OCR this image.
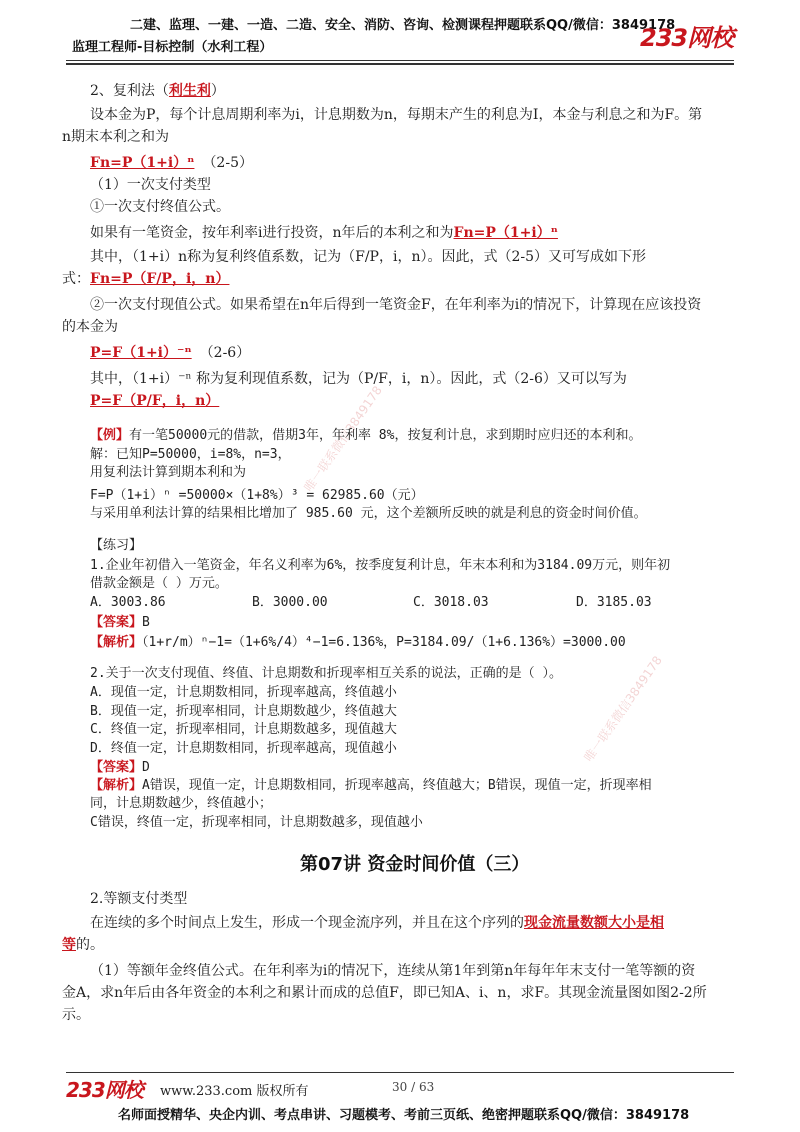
二建、监理、一建、一造、二造、安全、消防、咨询、检测课程押题联系QQ/微信：3849178
监理工程师-目标控制（水利工程）	233网校
唯一联系微信3849178
唯一联系微信3849178
2、复利法（利生利）
设本金为P，每个计息周期利率为i，计息期数为n，每期末产生的利息为I，本金与利息之和为F。第
n期末本利之和为
Fn=P（1+i）ⁿ （2-5）
（1）一次支付类型
①一次支付终值公式。
如果有一笔资金，按年利率i进行投资，n年后的本利之和为Fn=P（1+i）ⁿ
其中，（1+i）n称为复利终值系数，记为（F/P，i，n）。因此，式（2-5）又可写成如下形
式：Fn=P（F/P，i，n）
②一次支付现值公式。如果希望在n年后得到一笔资金F，在年利率为i的情况下，计算现在应该投资
的本金为
P=F（1+i）⁻ⁿ （2-6）
其中，（1+i）⁻ⁿ 称为复利现值系数，记为（P/F，i，n）。因此，式（2-6）又可以写为
P=F（P/F，i，n）
【例】有一笔50000元的借款，借期3年，年利率 8%，按复利计息，求到期时应归还的本利和。
解：已知P=50000，i=8%，n=3，
用复利法计算到期本利和为
F=P（1+i）ⁿ =50000×（1+8%）³ = 62985.60（元）
与采用单利法计算的结果相比增加了 985.60 元，这个差额所反映的就是利息的资金时间价值。
【练习】
1.企业年初借入一笔资金，年名义利率为6%，按季度复利计息，年末本利和为3184.09万元，则年初
借款金额是（ ）万元。
A．3003.86	B．3000.00	C．3018.03	D．3185.03
【答案】B
【解析】（1+r/m）ⁿ−1=（1+6%/4）⁴−1=6.136%，P=3184.09/（1+6.136%）=3000.00
2.关于一次支付现值、终值、计息期数和折现率相互关系的说法，正确的是（ ）。
A．现值一定，计息期数相同，折现率越高，终值越小
B．现值一定，折现率相同，计息期数越少，终值越大
C．终值一定，折现率相同，计息期数越多，现值越大
D．终值一定，计息期数相同，折现率越高，现值越小
【答案】D
【解析】A错误，现值一定，计息期数相同，折现率越高，终值越大；B错误，现值一定，折现率相
同，计息期数越少，终值越小；
C错误，终值一定，折现率相同，计息期数越多，现值越小
第07讲 资金时间价值（三）
2.等额支付类型
在连续的多个时间点上发生，形成一个现金流序列，并且在这个序列的现金流量数额大小是相
等的。
（1）等额年金终值公式。在年利率为i的情况下，连续从第1年到第n年每年年末支付一笔等额的资
金A，求n年后由各年资金的本利之和累计而成的总值F，即已知A、i、n，求F。其现金流量图如图2-2所
示。
233网校 www.233.com 版权所有	30 / 63
名师面授精华、央企内训、考点串讲、习题模考、考前三页纸、绝密押题联系QQ/微信：3849178
